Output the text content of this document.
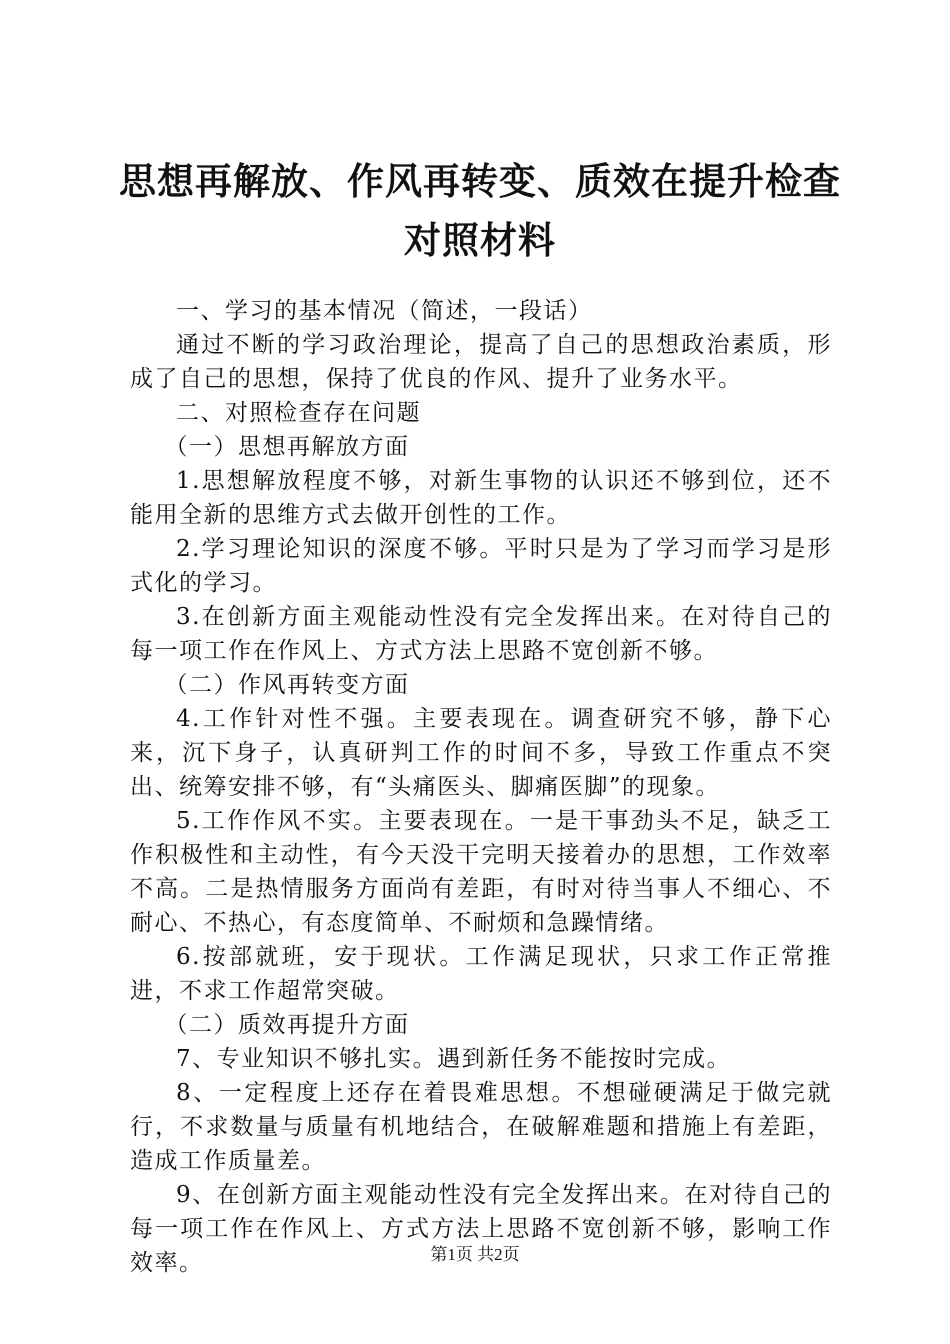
思想再解放、作风再转变、质效在提升检查对照材料

一、学习的基本情况（简述，一段话）

通过不断的学习政治理论，提高了自己的思想政治素质，形成了自己的思想，保持了优良的作风、提升了业务水平。

二、对照检查存在问题

（一）思想再解放方面

1.思想解放程度不够，对新生事物的认识还不够到位，还不能用全新的思维方式去做开创性的工作。

2.学习理论知识的深度不够。平时只是为了学习而学习是形式化的学习。

3.在创新方面主观能动性没有完全发挥出来。在对待自己的每一项工作在作风上、方式方法上思路不宽创新不够。

（二）作风再转变方面

4.工作针对性不强。主要表现在。调查研究不够，静下心来，沉下身子，认真研判工作的时间不多，导致工作重点不突出、统筹安排不够，有“头痛医头、脚痛医脚”的现象。

5.工作作风不实。主要表现在。一是干事劲头不足，缺乏工作积极性和主动性，有今天没干完明天接着办的思想，工作效率不高。二是热情服务方面尚有差距，有时对待当事人不细心、不耐心、不热心，有态度简单、不耐烦和急躁情绪。

6.按部就班，安于现状。工作满足现状，只求工作正常推进，不求工作超常突破。

（二）质效再提升方面

7、专业知识不够扎实。遇到新任务不能按时完成。

8、一定程度上还存在着畏难思想。不想碰硬满足于做完就行，不求数量与质量有机地结合，在破解难题和措施上有差距，造成工作质量差。

9、在创新方面主观能动性没有完全发挥出来。在对待自己的每一项工作在作风上、方式方法上思路不宽创新不够，影响工作效率。	第1页 共2页
